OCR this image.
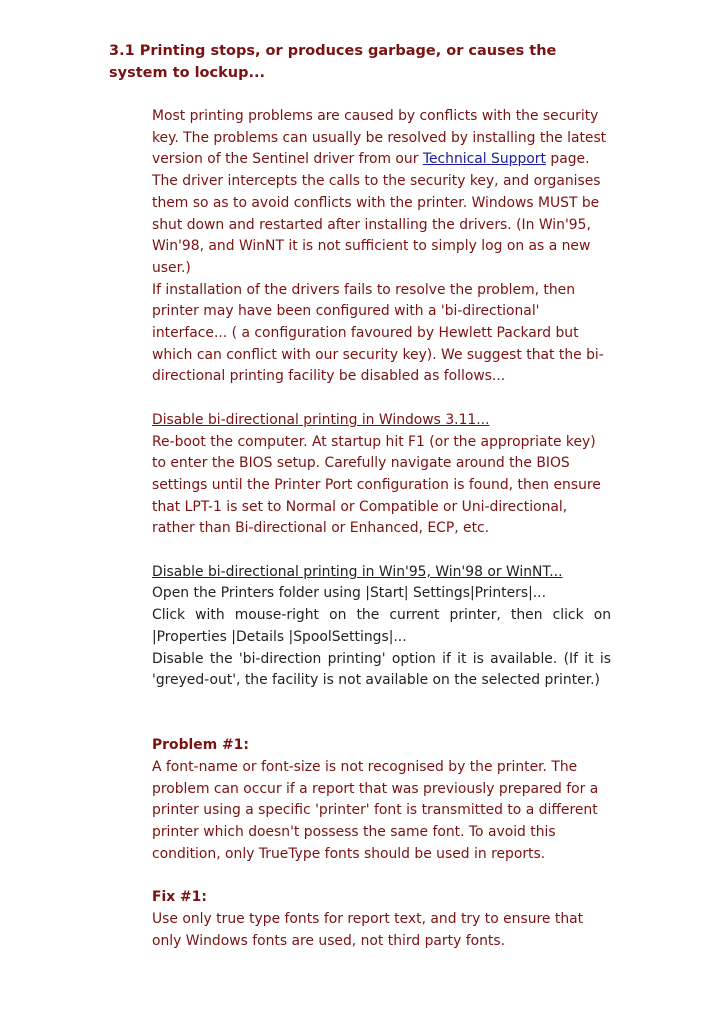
3.1 Printing stops, or produces garbage, or causes the system to lockup...

Most printing problems are caused by conflicts with the security key. The problems can usually be resolved by installing the latest version of the Sentinel driver from our Technical Support page. The driver intercepts the calls to the security key, and organises them so as to avoid conflicts with the printer. Windows MUST be shut down and restarted after installing the drivers. (In Win'95, Win'98, and WinNT it is not sufficient to simply log on as a new user.)

If installation of the drivers fails to resolve the problem, then printer may have been configured with a 'bi-directional' interface... ( a configuration favoured by Hewlett Packard but which can conflict with our security key). We suggest that the bi-directional printing facility be disabled as follows...

Disable bi-directional printing in Windows 3.11...

Re-boot the computer. At startup hit F1 (or the appropriate key) to enter the BIOS setup. Carefully navigate around the BIOS settings until the Printer Port configuration is found, then ensure that LPT-1 is set to Normal or Compatible or Uni-directional, rather than Bi-directional or Enhanced, ECP, etc.

Disable bi-directional printing in Win'95, Win'98 or WinNT...

Open the Printers folder using |Start| Settings|Printers|...

Click with mouse-right on the current printer, then click on |Properties |Details |SpoolSettings|...

Disable the 'bi-direction printing' option if it is available. (If it is 'greyed-out', the facility is not available on the selected printer.)

Problem #1:

A font-name or font-size is not recognised by the printer. The problem can occur if a report that was previously prepared for a printer using a specific 'printer' font is transmitted to a different printer which doesn't possess the same font. To avoid this condition, only TrueType fonts should be used in reports.

Fix #1:

Use only true type fonts for report text, and try to ensure that only Windows fonts are used, not third party fonts.
